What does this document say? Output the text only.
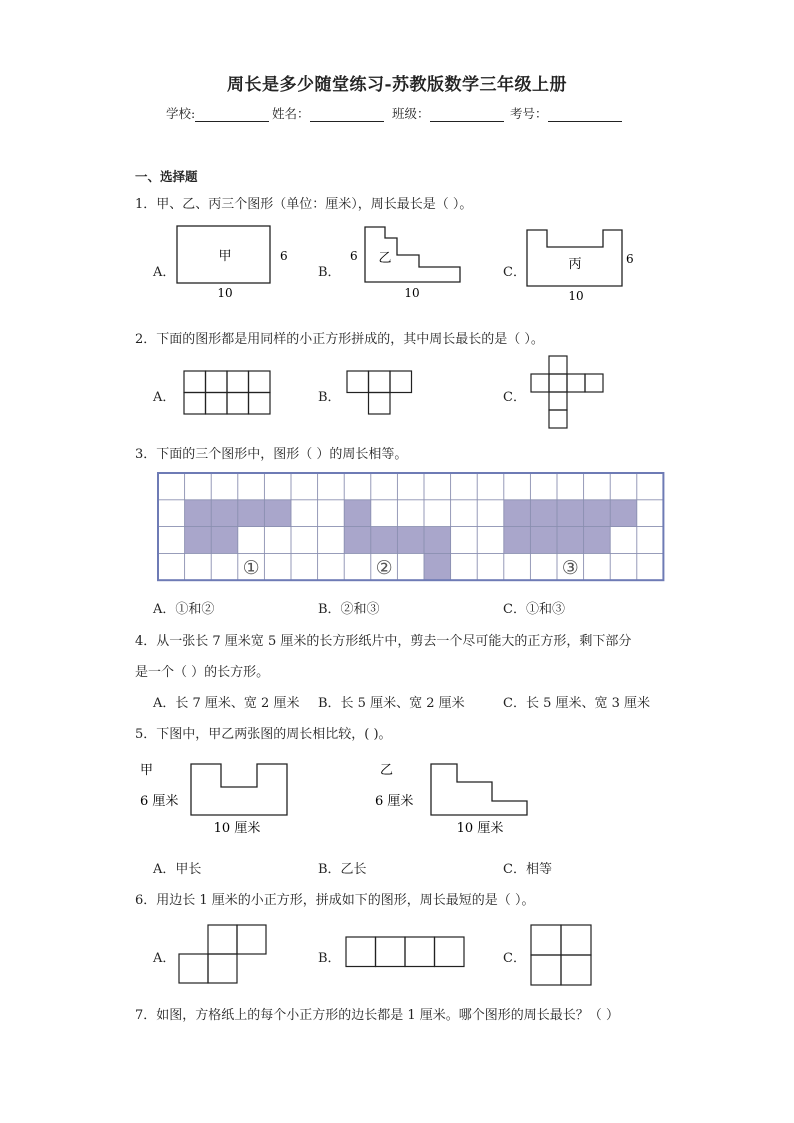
周长是多少随堂练习-苏教版数学三年级上册
学校:	姓名：	班级：	考号：
一、选择题
1．甲、乙、丙三个图形（单位：厘米），周长最长是（ ）。
A．	B．	C．
甲	6
10
乙
6
10
丙	6
10
2．下面的图形都是用同样的小正方形拼成的，其中周长最长的是（ ）。
A．	B．	C．
3．下面的三个图形中，图形（ ）的周长相等。
①	②	③
A．①和②	B．②和③	C．①和③
4．从一张长 7 厘米宽 5 厘米的长方形纸片中，剪去一个尽可能大的正方形，剩下部分
是一个（ ）的长方形。
A．长 7 厘米、宽 2 厘米 B．长 5 厘米、宽 2 厘米	C．长 5 厘米、宽 3 厘米
5．下图中，甲乙两张图的周长相比较，( )。
甲
6 厘米
10 厘米
乙
6 厘米
10 厘米
A．甲长	B．乙长	C．相等
6．用边长 1 厘米的小正方形，拼成如下的图形，周长最短的是（ ）。
A．	B．	C．
7．如图，方格纸上的每个小正方形的边长都是 1 厘米。哪个图形的周长最长？（ ）
